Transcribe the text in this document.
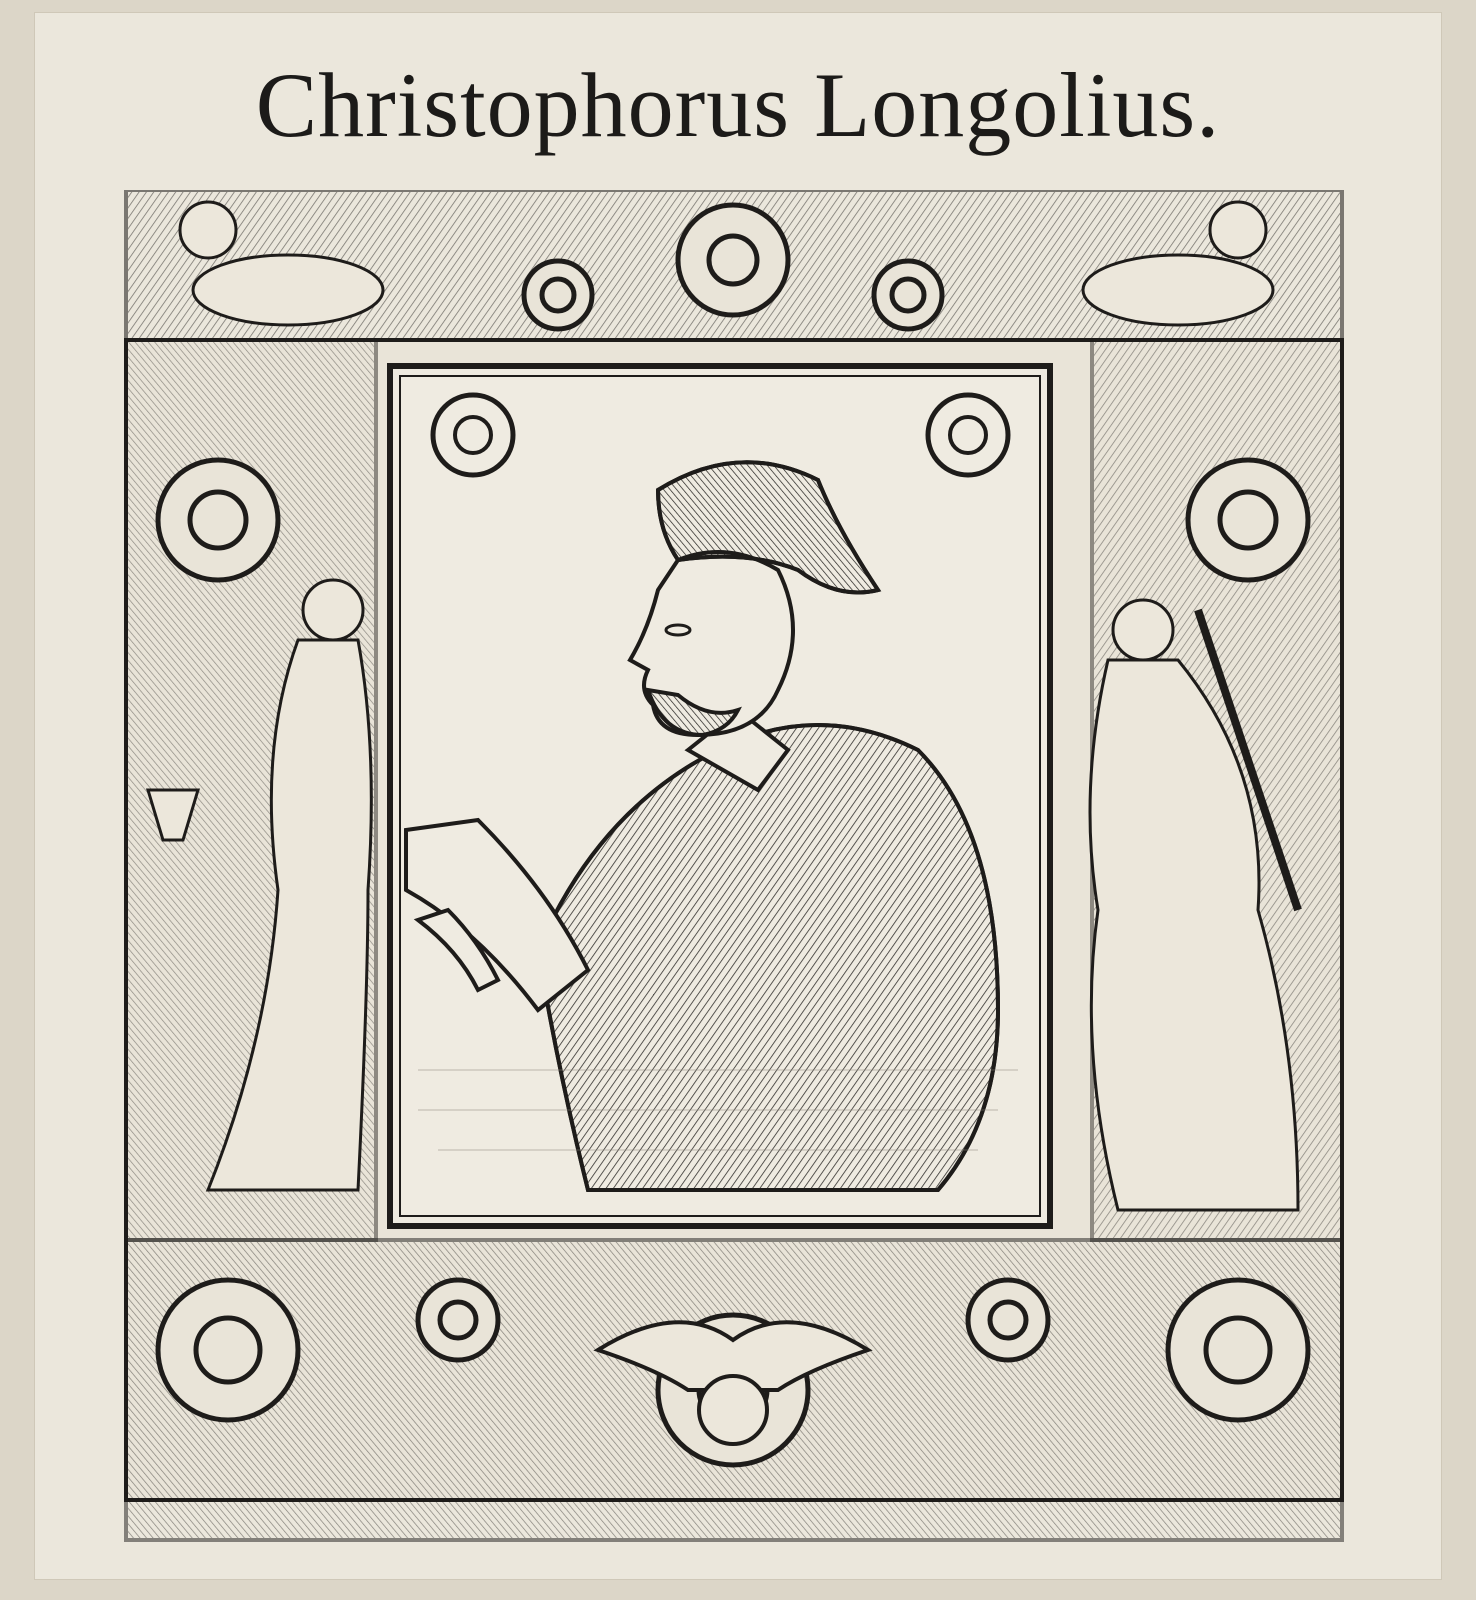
Christophorus Longolius.
